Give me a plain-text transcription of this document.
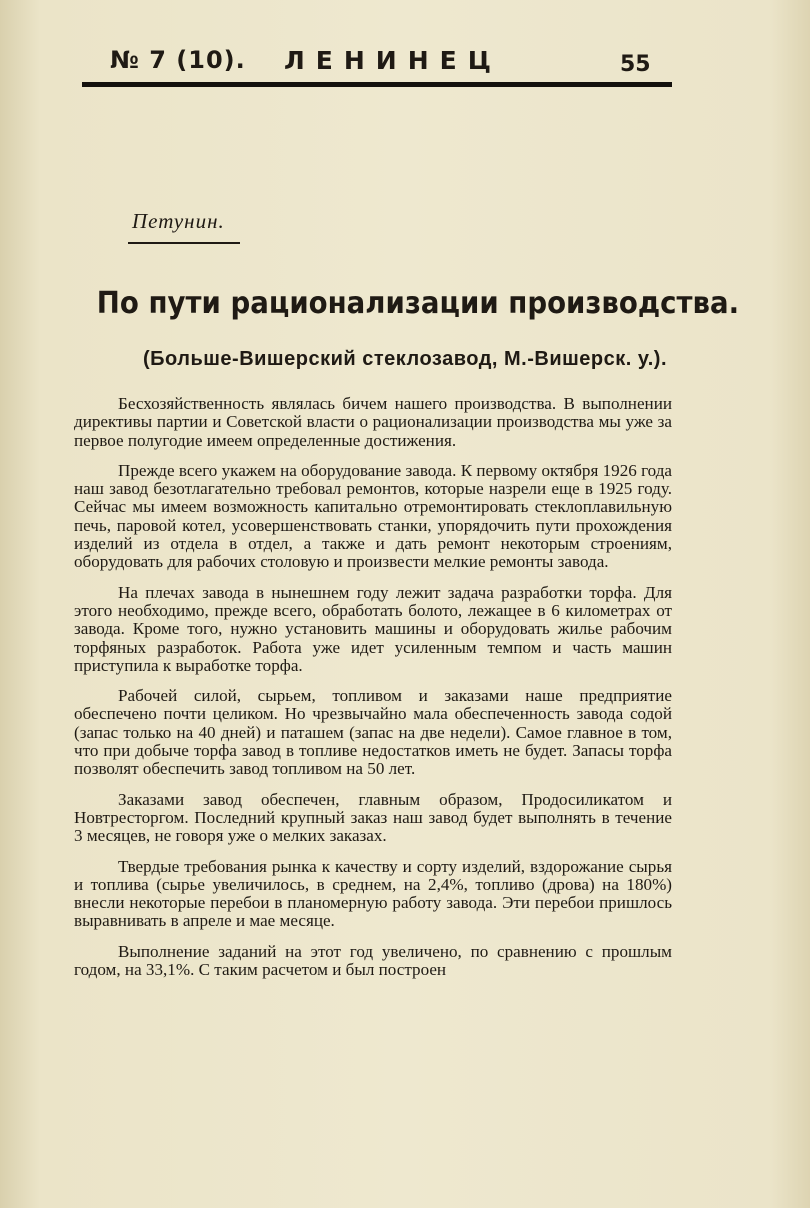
№ 7 (10). ЛЕНИНЕЦ	55
Петунин.
По пути рационализации производства.
(Больше-Вишерский стеклозавод, М.-Вишерск. у.).

Бесхозяйственность являлась бичем нашего производства. В выполнении директивы партии и Советской власти о рационализации производства мы уже за первое полугодие имеем определенные достижения.

Прежде всего укажем на оборудование завода. К первому октября 1926 года наш завод безотлагательно требовал ремонтов, которые назрели еще в 1925 году. Сейчас мы имеем возможность капитально отремонтировать стеклоплавильную печь, паровой котел, усовершенствовать станки, упорядочить пути прохождения изделий из отдела в отдел, а также и дать ремонт некоторым строениям, оборудовать для рабочих столовую и произвести мелкие ремонты завода.

На плечах завода в нынешнем году лежит задача разработки торфа. Для этого необходимо, прежде всего, обработать болото, лежащее в 6 километрах от завода. Кроме того, нужно установить машины и оборудовать жилье рабочим торфяных разработок. Работа уже идет усиленным темпом и часть машин приступила к выработке торфа.

Рабочей силой, сырьем, топливом и заказами наше предприятие обеспечено почти целиком. Но чрезвычайно мала обеспеченность завода содой (запас только на 40 дней) и паташем (запас на две недели). Самое главное в том, что при добыче торфа завод в топливе недостатков иметь не будет. Запасы торфа позволят обеспечить завод топливом на 50 лет.

Заказами завод обеспечен, главным образом, Продосиликатом и Новтресторгом. Последний крупный заказ наш завод будет выполнять в течение 3 месяцев, не говоря уже о мелких заказах.

Твердые требования рынка к качеству и сорту изделий, вздорожание сырья и топлива (сырье увеличилось, в среднем, на 2,4%, топливо (дрова) на 180%) внесли некоторые перебои в планомерную работу завода. Эти перебои пришлось выравнивать в апреле и мае месяце.

Выполнение заданий на этот год увеличено, по сравнению с прошлым годом, на 33,1%. С таким расчетом и был построен
